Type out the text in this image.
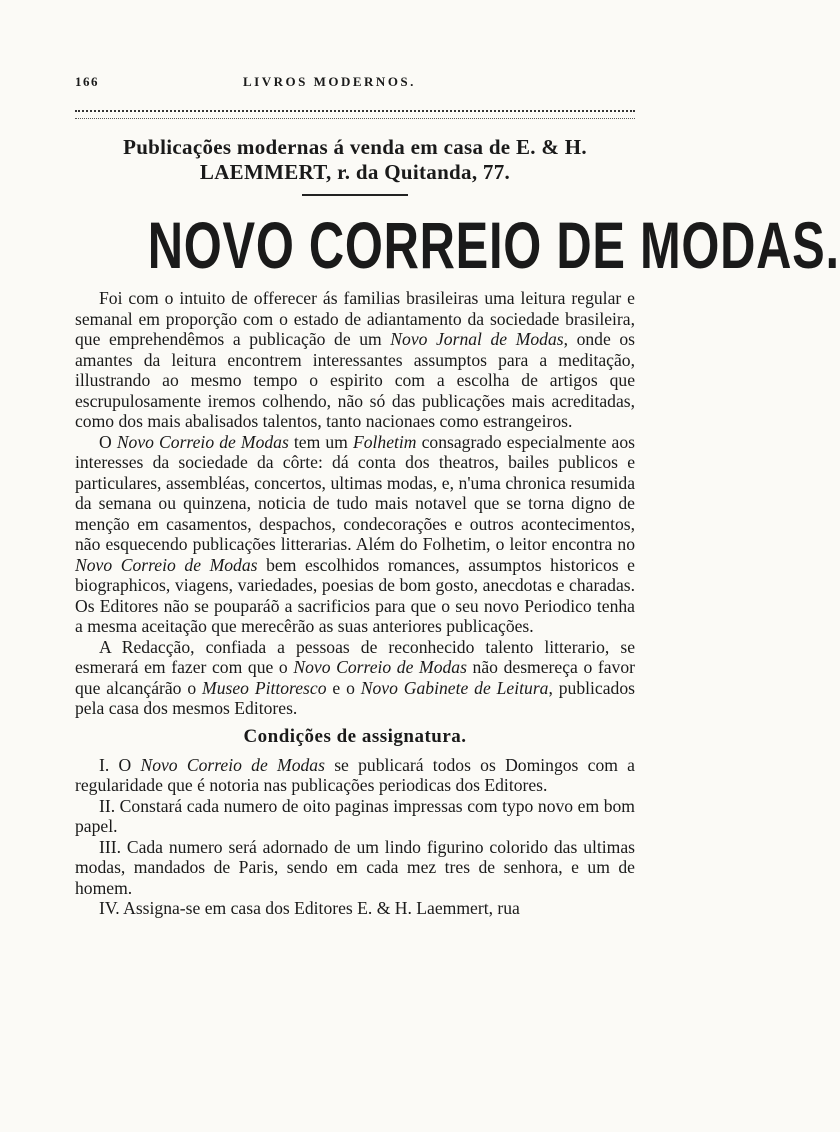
166	LIVROS MODERNOS.
Publicações modernas á venda em casa de E. & H.
LAEMMERT, r. da Quitanda, 77.
NOVO CORREIO DE MODAS.

Foi com o intuito de offerecer ás familias brasileiras uma leitura regular e semanal em proporção com o estado de adiantamento da sociedade brasileira, que emprehendêmos a publicação de um Novo Jornal de Modas, onde os amantes da leitura encontrem interessantes assumptos para a meditação, illustrando ao mesmo tempo o espirito com a escolha de artigos que escrupulosamente iremos colhendo, não só das publicações mais acreditadas, como dos mais abalisados talentos, tanto nacionaes como estrangeiros.

O Novo Correio de Modas tem um Folhetim consagrado especialmente aos interesses da sociedade da côrte: dá conta dos theatros, bailes publicos e particulares, assembléas, concertos, ultimas modas, e, n'uma chronica resumida da semana ou quinzena, noticia de tudo mais notavel que se torna digno de menção em casamentos, despachos, condecorações e outros acontecimentos, não esquecendo publicações litterarias. Além do Folhetim, o leitor encontra no Novo Correio de Modas bem escolhidos romances, assumptos historicos e biographicos, viagens, variedades, poesias de bom gosto, anecdotas e charadas. Os Editores não se pouparáõ a sacrificios para que o seu novo Periodico tenha a mesma aceitação que merecêrão as suas anteriores publicações.

A Redacção, confiada a pessoas de reconhecido talento litterario, se esmerará em fazer com que o Novo Correio de Modas não desmereça o favor que alcançárão o Museo Pittoresco e o Novo Gabinete de Leitura, publicados pela casa dos mesmos Editores.

Condições de assignatura.

I. O Novo Correio de Modas se publicará todos os Domingos com a regularidade que é notoria nas publicações periodicas dos Editores.

II. Constará cada numero de oito paginas impressas com typo novo em bom papel.

III. Cada numero será adornado de um lindo figurino colorido das ultimas modas, mandados de Paris, sendo em cada mez tres de senhora, e um de homem.

IV. Assigna-se em casa dos Editores E. & H. Laemmert, rua
